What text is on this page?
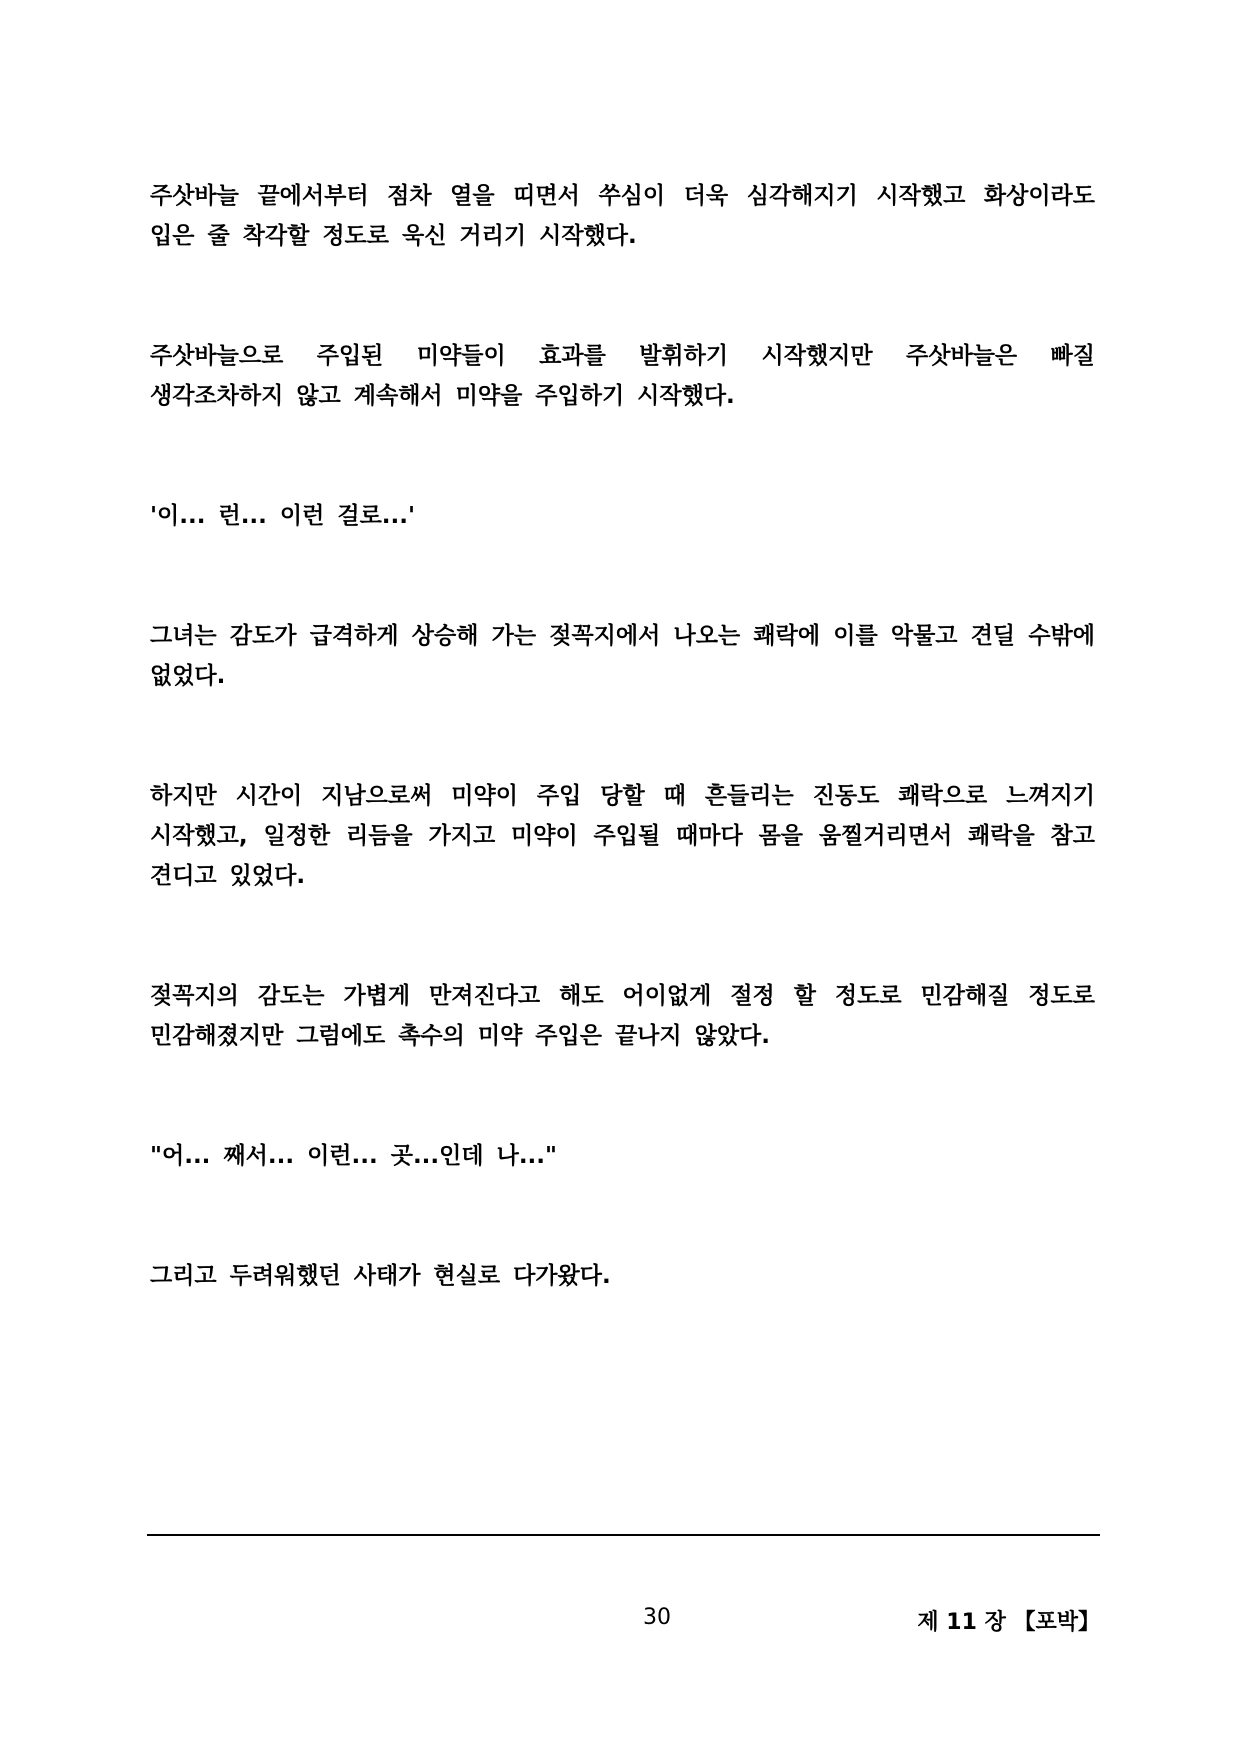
주삿바늘 끝에서부터 점차 열을 띠면서 쑤심이 더욱 심각해지기 시작했고 화상이라도 입은 줄 착각할 정도로 욱신 거리기 시작했다.

주삿바늘으로 주입된 미약들이 효과를 발휘하기 시작했지만 주삿바늘은 빠질 생각조차하지 않고 계속해서 미약을 주입하기 시작했다.

'이... 런... 이런 걸로...'

그녀는 감도가 급격하게 상승해 가는 젖꼭지에서 나오는 쾌락에 이를 악물고 견딜 수밖에 없었다.

하지만 시간이 지남으로써 미약이 주입 당할 때 흔들리는 진동도 쾌락으로 느껴지기 시작했고, 일정한 리듬을 가지고 미약이 주입될 때마다 몸을 움찔거리면서 쾌락을 참고 견디고 있었다.

젖꼭지의 감도는 가볍게 만져진다고 해도 어이없게 절정 할 정도로 민감해질 정도로 민감해졌지만 그럼에도 촉수의 미약 주입은 끝나지 않았다.

"어... 째서... 이런... 곳...인데 나..."

그리고 두려워했던 사태가 현실로 다가왔다.

30	제 11 장 【포박】
